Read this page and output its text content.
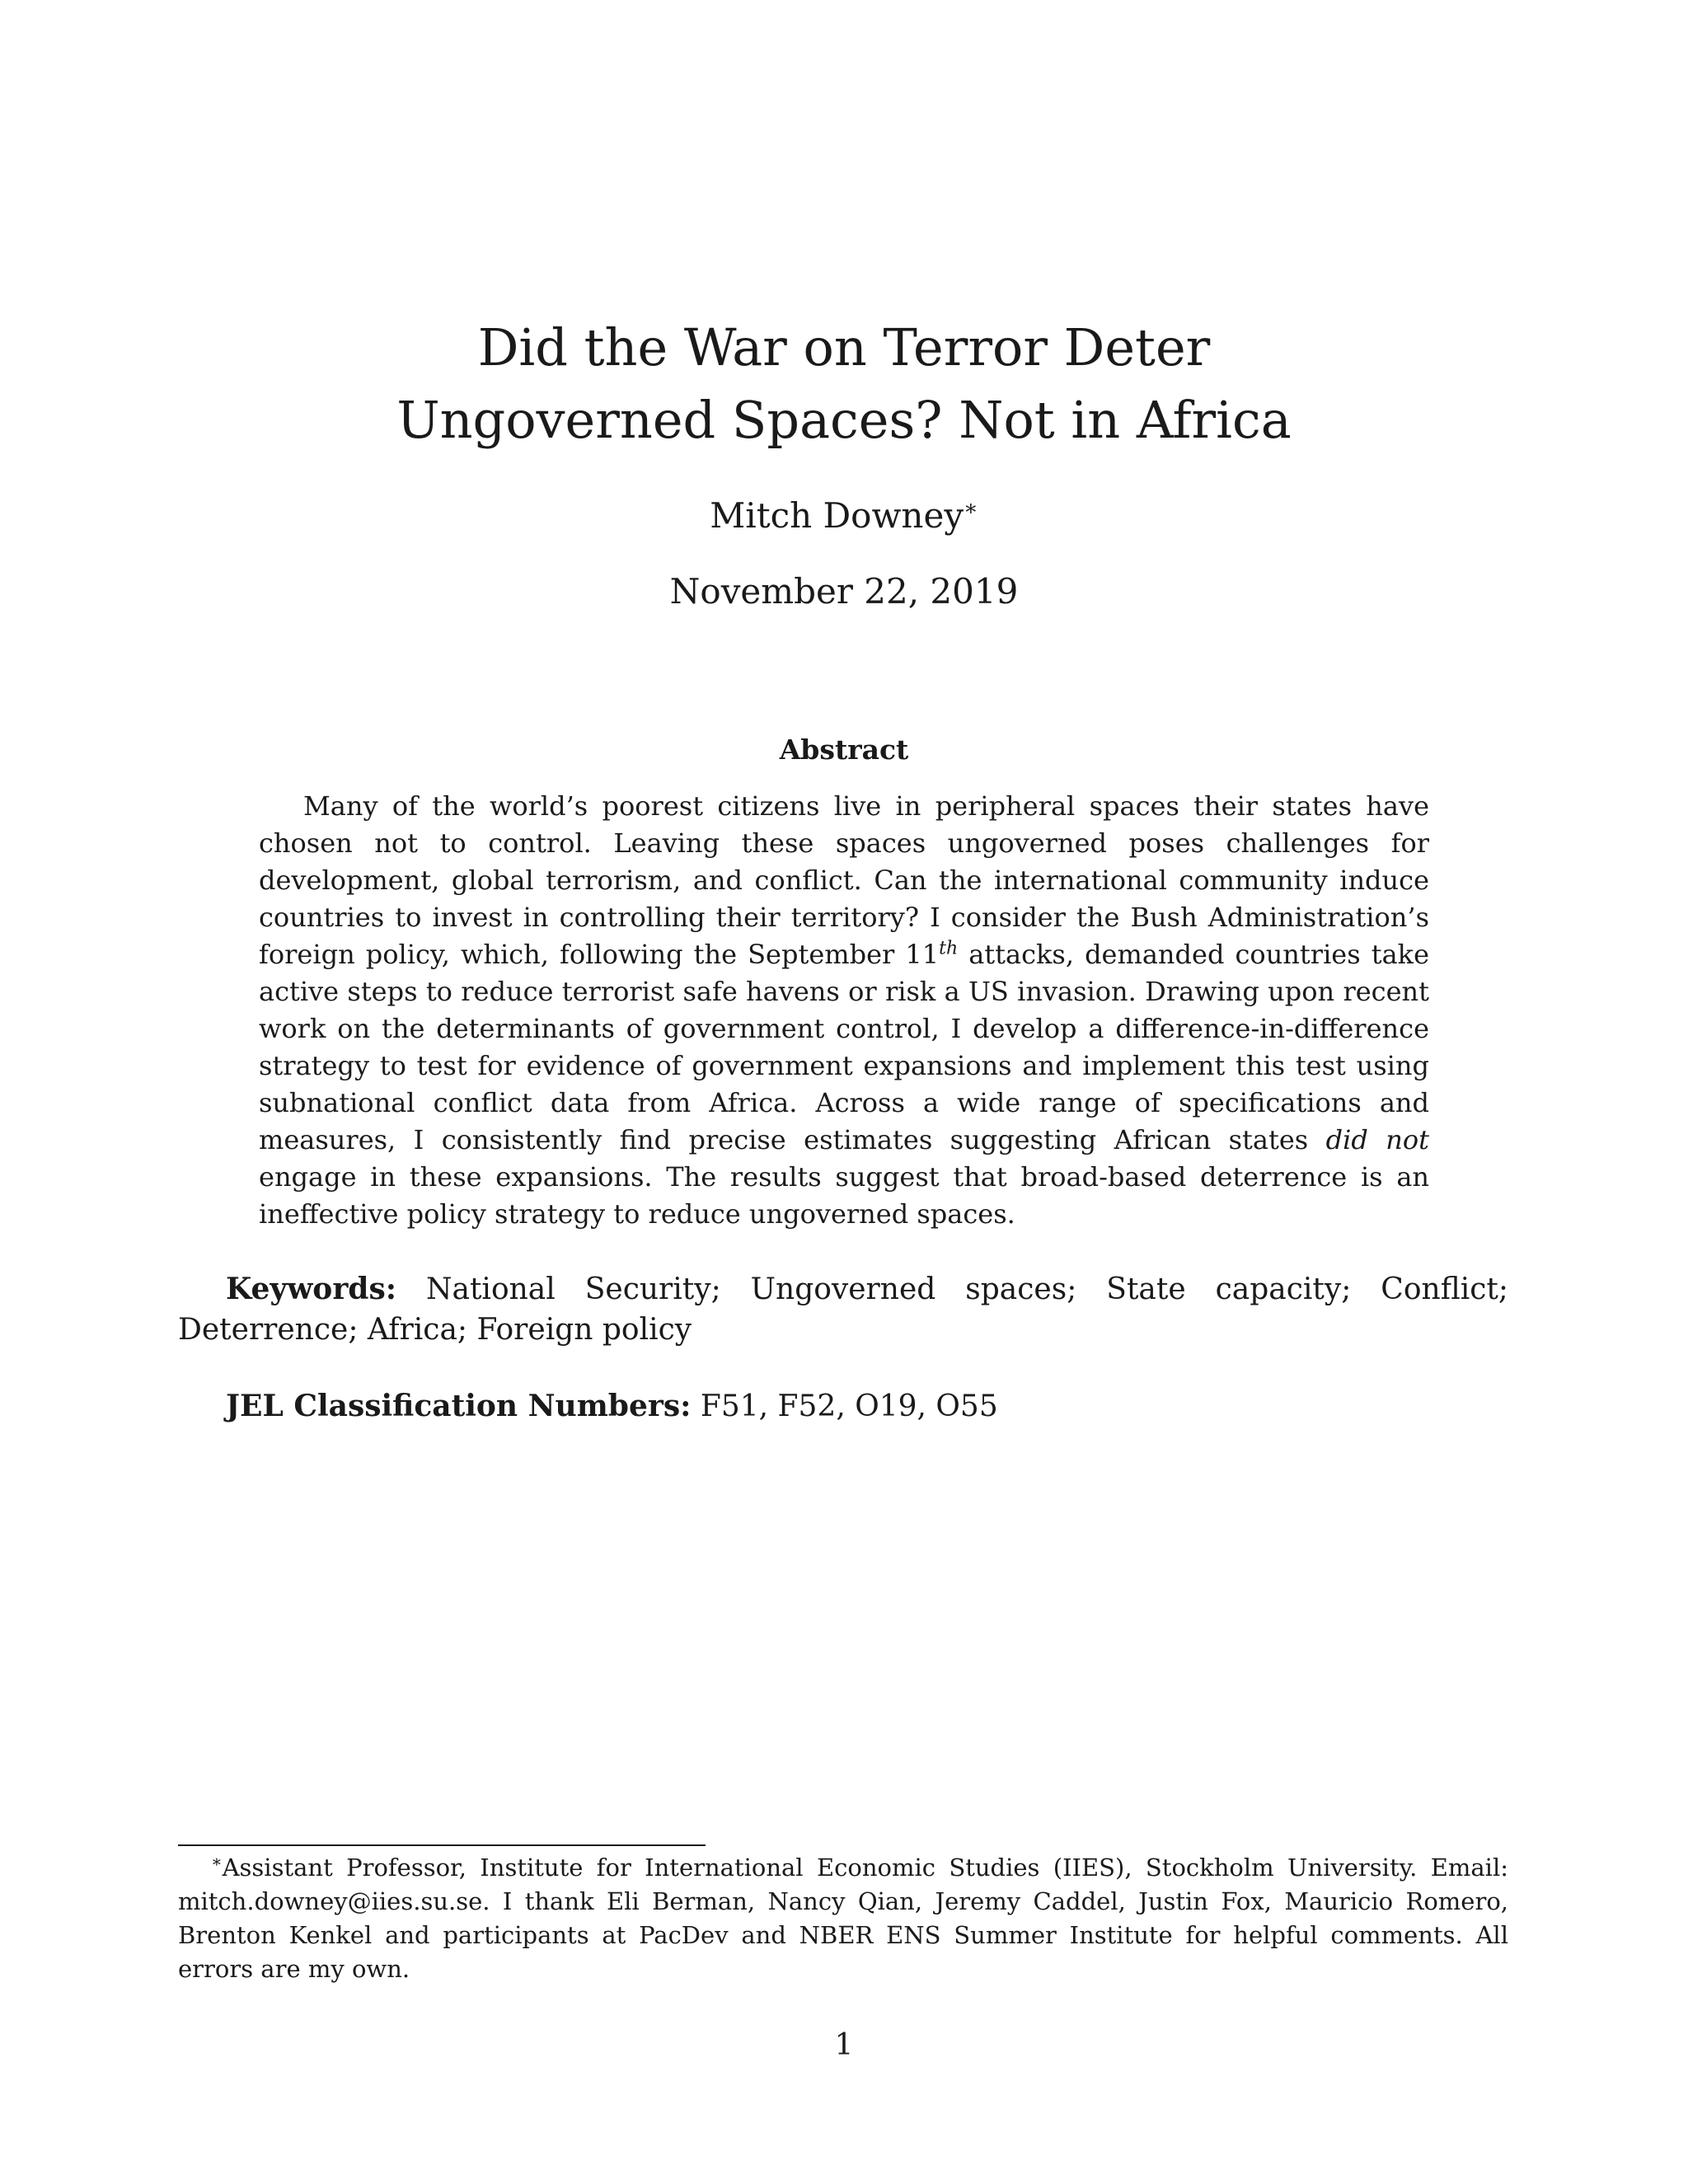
Did the War on Terror Deter
Ungoverned Spaces? Not in Africa
Mitch Downey∗
November 22, 2019
Abstract

Many of the world’s poorest citizens live in peripheral spaces their states have chosen not to control. Leaving these spaces ungoverned poses challenges for development, global terrorism, and conflict. Can the international community induce countries to invest in controlling their territory? I consider the Bush Administration’s foreign policy, which, following the September 11th attacks, demanded countries take active steps to reduce terrorist safe havens or risk a US invasion. Drawing upon recent work on the determinants of government control, I develop a difference-in-difference strategy to test for evidence of government expansions and implement this test using subnational conflict data from Africa. Across a wide range of specifications and measures, I consistently find precise estimates suggesting African states did not engage in these expansions. The results suggest that broad-based deterrence is an ineffective policy strategy to reduce ungoverned spaces.

Keywords: National Security; Ungoverned spaces; State capacity; Conflict; Deterrence; Africa; Foreign policy

JEL Classification Numbers: F51, F52, O19, O55

∗Assistant Professor, Institute for International Economic Studies (IIES), Stockholm University. Email: mitch.downey@iies.su.se. I thank Eli Berman, Nancy Qian, Jeremy Caddel, Justin Fox, Mauricio Romero, Brenton Kenkel and participants at PacDev and NBER ENS Summer Institute for helpful comments. All errors are my own.

1
